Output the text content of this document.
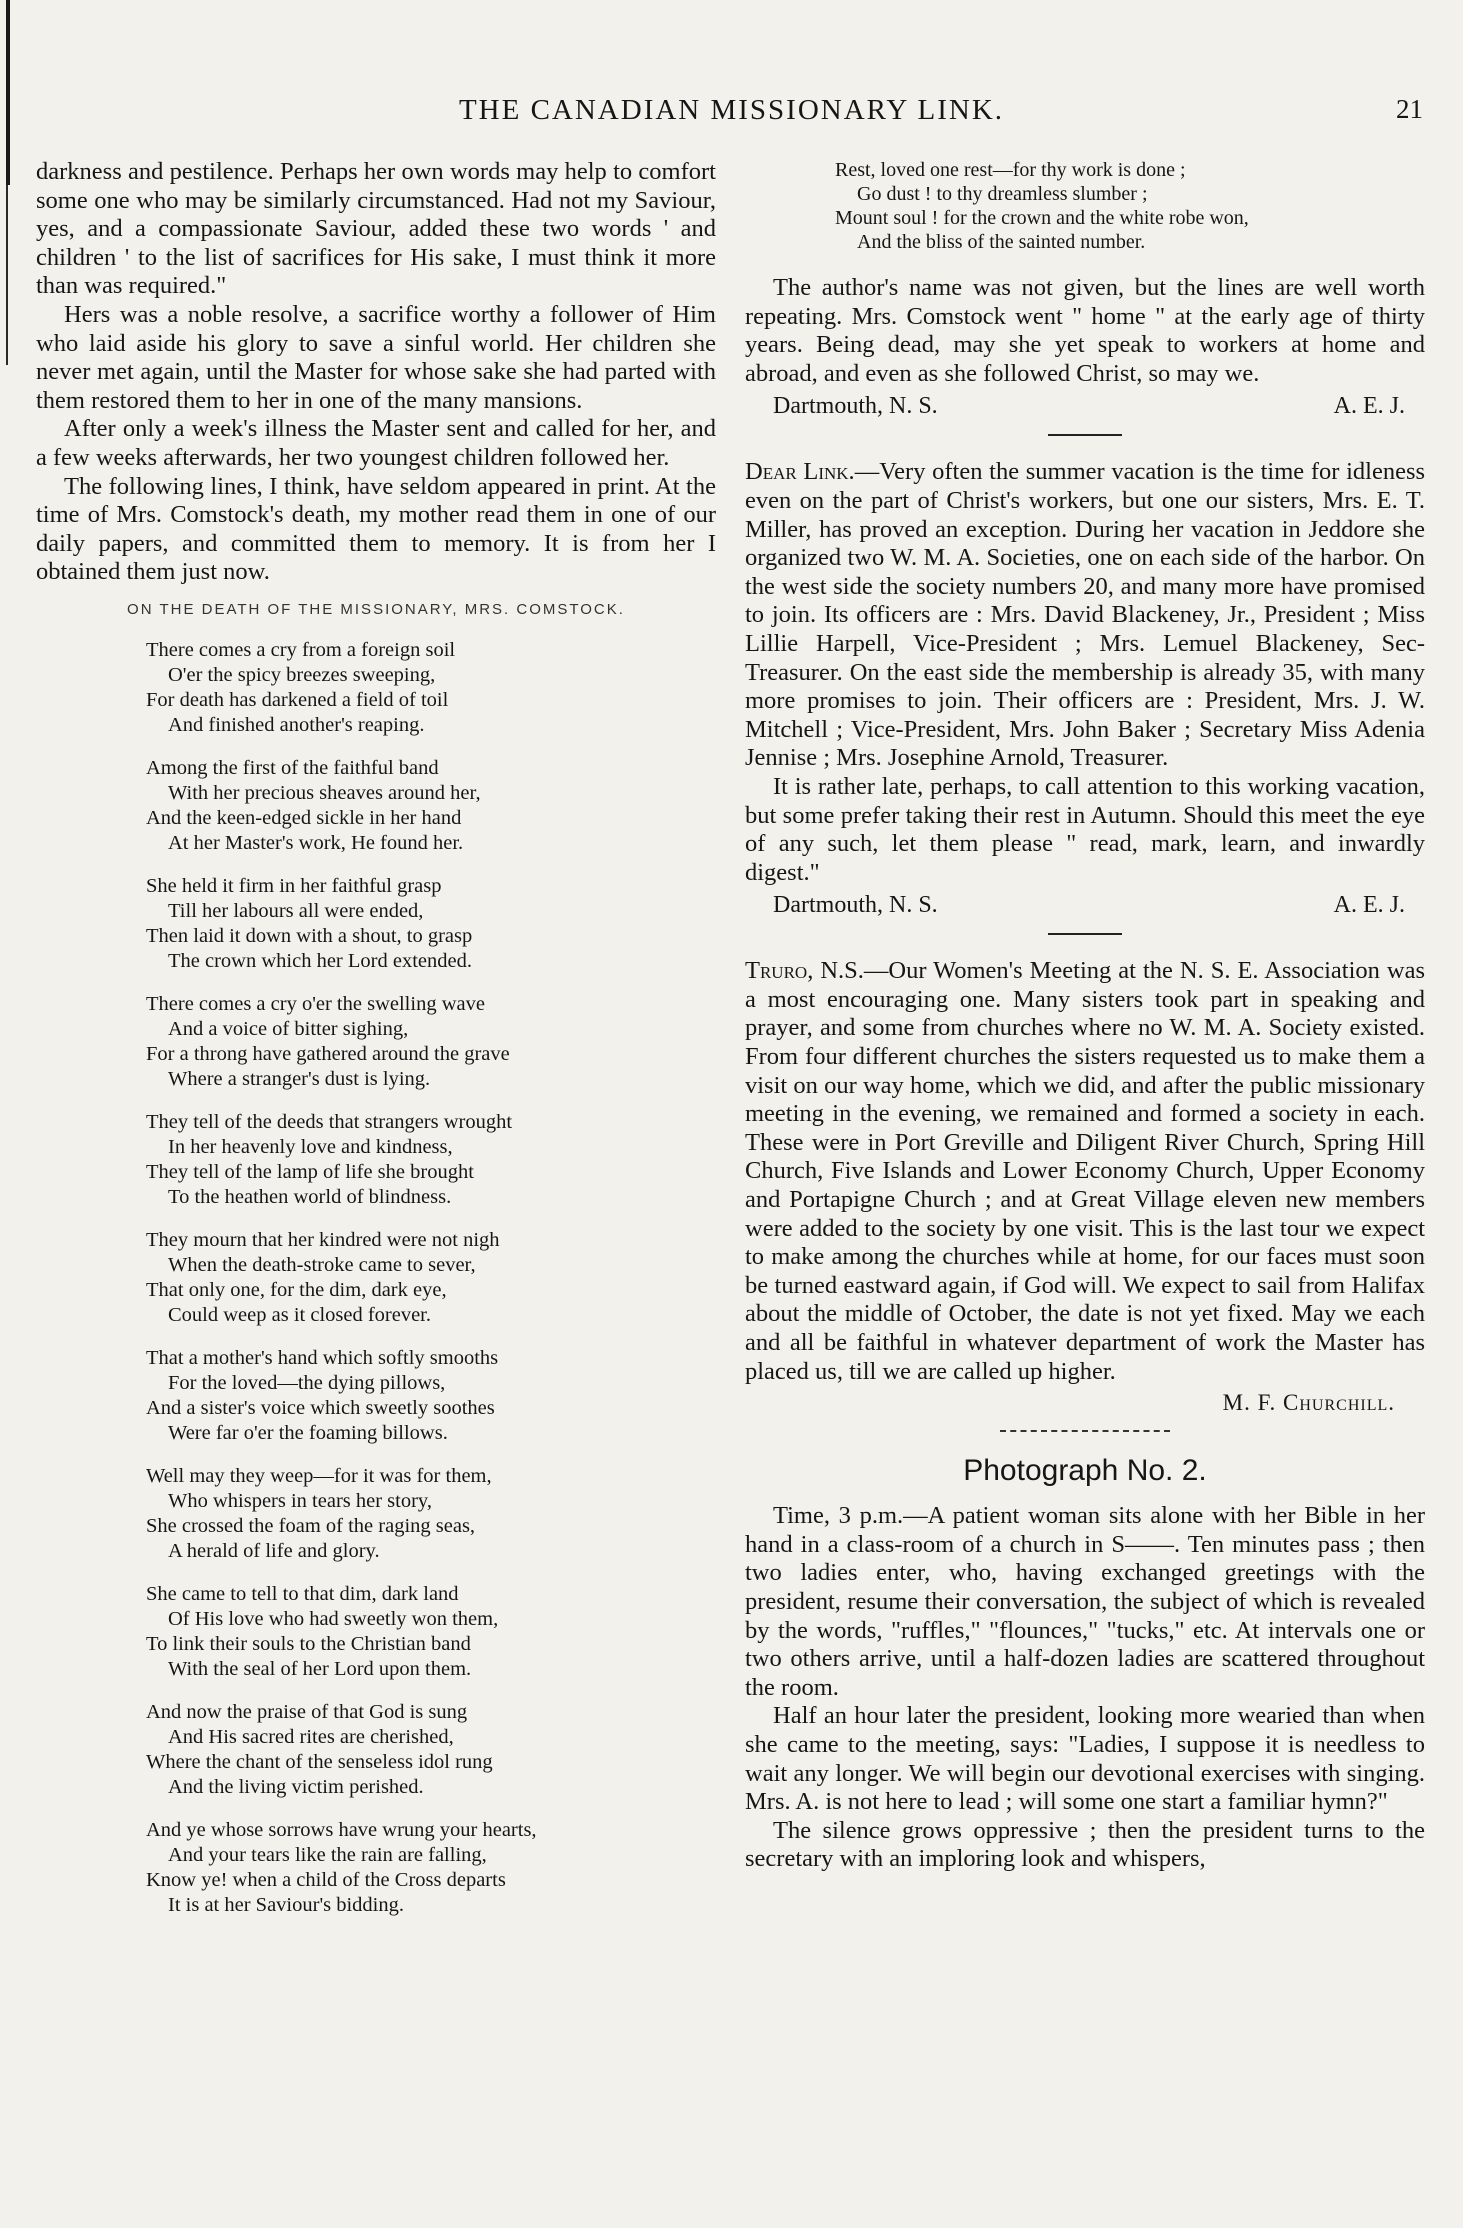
THE CANADIAN MISSIONARY LINK.	21

darkness and pestilence. Perhaps her own words may help to comfort some one who may be similarly circumstanced. Had not my Saviour, yes, and a compassionate Saviour, added these two words ' and children ' to the list of sacrifices for His sake, I must think it more than was required."

Hers was a noble resolve, a sacrifice worthy a follower of Him who laid aside his glory to save a sinful world. Her children she never met again, until the Master for whose sake she had parted with them restored them to her in one of the many mansions.

After only a week's illness the Master sent and called for her, and a few weeks afterwards, her two youngest children followed her.

The following lines, I think, have seldom appeared in print. At the time of Mrs. Comstock's death, my mother read them in one of our daily papers, and committed them to memory. It is from her I obtained them just now.

ON THE DEATH OF THE MISSIONARY, MRS. COMSTOCK.
There comes a cry from a foreign soil
O'er the spicy breezes sweeping,
For death has darkened a field of toil
And finished another's reaping.
Among the first of the faithful band
With her precious sheaves around her,
And the keen-edged sickle in her hand
At her Master's work, He found her.
She held it firm in her faithful grasp
Till her labours all were ended,
Then laid it down with a shout, to grasp
The crown which her Lord extended.
There comes a cry o'er the swelling wave
And a voice of bitter sighing,
For a throng have gathered around the grave
Where a stranger's dust is lying.
They tell of the deeds that strangers wrought
In her heavenly love and kindness,
They tell of the lamp of life she brought
To the heathen world of blindness.
They mourn that her kindred were not nigh
When the death-stroke came to sever,
That only one, for the dim, dark eye,
Could weep as it closed forever.
That a mother's hand which softly smooths
For the loved—the dying pillows,
And a sister's voice which sweetly soothes
Were far o'er the foaming billows.
Well may they weep—for it was for them,
Who whispers in tears her story,
She crossed the foam of the raging seas,
A herald of life and glory.
She came to tell to that dim, dark land
Of His love who had sweetly won them,
To link their souls to the Christian band
With the seal of her Lord upon them.
And now the praise of that God is sung
And His sacred rites are cherished,
Where the chant of the senseless idol rung
And the living victim perished.
And ye whose sorrows have wrung your hearts,
And your tears like the rain are falling,
Know ye! when a child of the Cross departs
It is at her Saviour's bidding.
Rest, loved one rest—for thy work is done ;
Go dust ! to thy dreamless slumber ;
Mount soul ! for the crown and the white robe won,
And the bliss of the sainted number.

The author's name was not given, but the lines are well worth repeating. Mrs. Comstock went " home " at the early age of thirty years. Being dead, may she yet speak to workers at home and abroad, and even as she followed Christ, so may we.

Dartmouth, N. S.	A. E. J.

Dear Link.—Very often the summer vacation is the time for idleness even on the part of Christ's workers, but one our sisters, Mrs. E. T. Miller, has proved an exception. During her vacation in Jeddore she organized two W. M. A. Societies, one on each side of the harbor. On the west side the society numbers 20, and many more have promised to join. Its officers are : Mrs. David Blackeney, Jr., President ; Miss Lillie Harpell, Vice-President ; Mrs. Lemuel Blackeney, Sec-Treasurer. On the east side the membership is already 35, with many more promises to join. Their officers are : President, Mrs. J. W. Mitchell ; Vice-President, Mrs. John Baker ; Secretary Miss Adenia Jennise ; Mrs. Josephine Arnold, Treasurer.

It is rather late, perhaps, to call attention to this working vacation, but some prefer taking their rest in Autumn. Should this meet the eye of any such, let them please " read, mark, learn, and inwardly digest."

Dartmouth, N. S.	A. E. J.

Truro, N.S.—Our Women's Meeting at the N. S. E. Association was a most encouraging one. Many sisters took part in speaking and prayer, and some from churches where no W. M. A. Society existed. From four different churches the sisters requested us to make them a visit on our way home, which we did, and after the public missionary meeting in the evening, we remained and formed a society in each. These were in Port Greville and Diligent River Church, Spring Hill Church, Five Islands and Lower Economy Church, Upper Economy and Portapigne Church ; and at Great Village eleven new members were added to the society by one visit. This is the last tour we expect to make among the churches while at home, for our faces must soon be turned eastward again, if God will. We expect to sail from Halifax about the middle of October, the date is not yet fixed. May we each and all be faithful in whatever department of work the Master has placed us, till we are called up higher.

M. F. Churchill.
Photograph No. 2.

Time, 3 p.m.—A patient woman sits alone with her Bible in her hand in a class-room of a church in S——. Ten minutes pass ; then two ladies enter, who, having exchanged greetings with the president, resume their conversation, the subject of which is revealed by the words, "ruffles," "flounces," "tucks," etc. At intervals one or two others arrive, until a half-dozen ladies are scattered throughout the room.

Half an hour later the president, looking more wearied than when she came to the meeting, says: "Ladies, I suppose it is needless to wait any longer. We will begin our devotional exercises with singing. Mrs. A. is not here to lead ; will some one start a familiar hymn?"

The silence grows oppressive ; then the president turns to the secretary with an imploring look and whispers,
